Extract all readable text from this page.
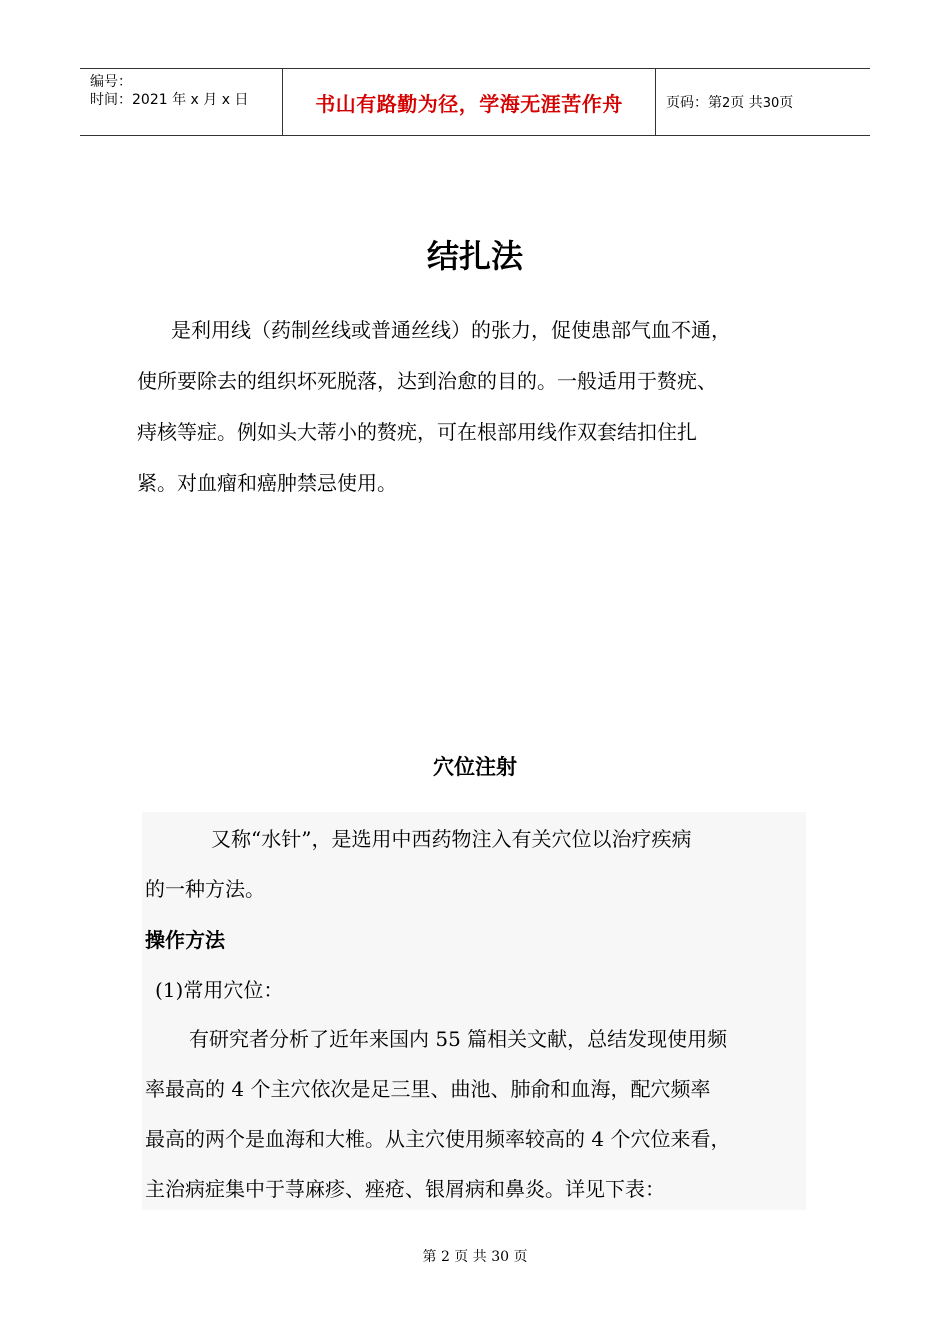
编号：
时间：2021 年 x 月 x 日	书山有路勤为径，学海无涯苦作舟	页码：第2页 共30页
结扎法
是利用线（药制丝线或普通丝线）的张力，促使患部气血不通，
使所要除去的组织坏死脱落，达到治愈的目的。一般适用于赘疣、
痔核等症。例如头大蒂小的赘疣，可在根部用线作双套结扣住扎
紧。对血瘤和癌肿禁忌使用。
穴位注射
又称“水针”，是选用中西药物注入有关穴位以治疗疾病
的一种方法。
操作方法
(1)常用穴位：
有研究者分析了近年来国内 55 篇相关文献，总结发现使用频
率最高的 4 个主穴依次是足三里、曲池、肺俞和血海，配穴频率
最高的两个是血海和大椎。从主穴使用频率较高的 4 个穴位来看，
主治病症集中于荨麻疹、痤疮、银屑病和鼻炎。详见下表：
第 2 页 共 30 页
